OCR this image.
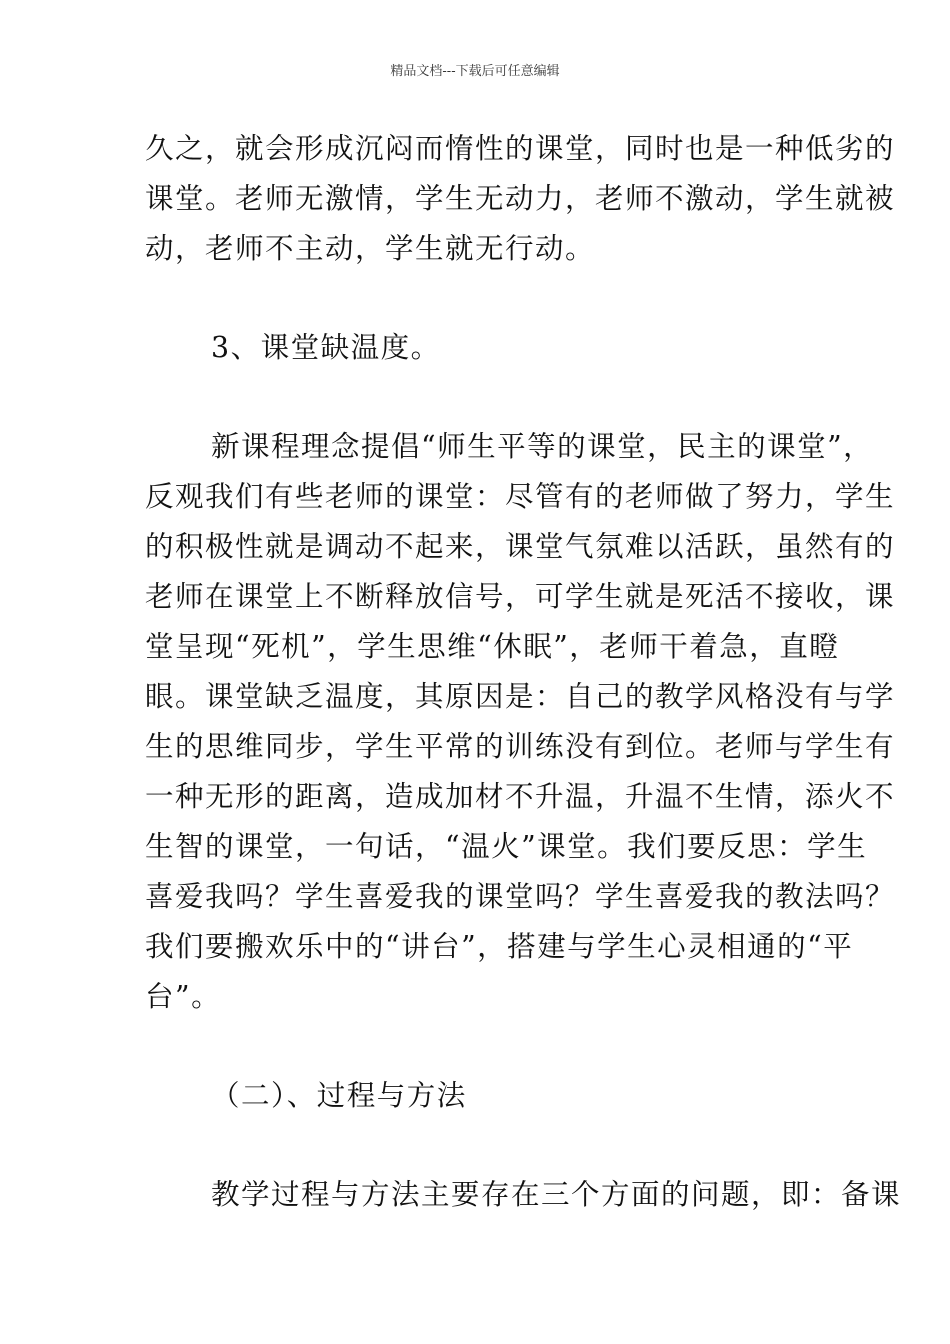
精品文档---下载后可任意编辑
久之，就会形成沉闷而惰性的课堂，同时也是一种低劣的
课堂。老师无激情，学生无动力，老师不激动，学生就被
动，老师不主动，学生就无行动。
3、课堂缺温度。
新课程理念提倡“师生平等的课堂，民主的课堂”，
反观我们有些老师的课堂：尽管有的老师做了努力，学生
的积极性就是调动不起来，课堂气氛难以活跃，虽然有的
老师在课堂上不断释放信号，可学生就是死活不接收，课
堂呈现“死机”，学生思维“休眠”，老师干着急，直瞪
眼。课堂缺乏温度，其原因是：自己的教学风格没有与学
生的思维同步，学生平常的训练没有到位。老师与学生有
一种无形的距离，造成加材不升温，升温不生情，添火不
生智的课堂，一句话，“温火”课堂。我们要反思：学生
喜爱我吗？学生喜爱我的课堂吗？学生喜爱我的教法吗？
我们要搬欢乐中的“讲台”，搭建与学生心灵相通的“平
台”。
（二）、过程与方法
教学过程与方法主要存在三个方面的问题，即：备课
